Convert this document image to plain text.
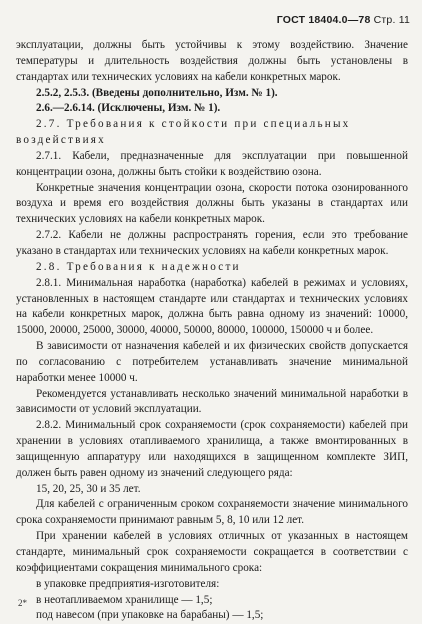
ГОСТ 18404.0—78 Стр. 11

эксплуатации, должны быть устойчивы к этому воздействию. Значение температуры и длительность воздействия должны быть установлены в стандартах или технических условиях на кабели конкретных марок.

2.5.2, 2.5.3. (Введены дополнительно, Изм. № 1).

2.6.—2.6.14. (Исключены, Изм. № 1).

2.7. Требования к стойкости при специальных воздействиях

2.7.1. Кабели, предназначенные для эксплуатации при повышенной концентрации озона, должны быть стойки к воздействию озона.

Конкретные значения концентрации озона, скорости потока озонированного воздуха и время его воздействия должны быть указаны в стандартах или технических условиях на кабели конкретных марок.

2.7.2. Кабели не должны распространять горения, если это требование указано в стандартах или технических условиях на кабели конкретных марок.

2.8. Требования к надежности

2.8.1. Минимальная наработка (наработка) кабелей в режимах и условиях, установленных в настоящем стандарте или стандартах и технических условиях на кабели конкретных марок, должна быть равна одному из значений: 10000, 15000, 20000, 25000, 30000, 40000, 50000, 80000, 100000, 150000 ч и более.

В зависимости от назначения кабелей и их физических свойств допускается по согласованию с потребителем устанавливать значение минимальной наработки менее 10000 ч.

Рекомендуется устанавливать несколько значений минимальной наработки в зависимости от условий эксплуатации.

2.8.2. Минимальный срок сохраняемости (срок сохраняемости) кабелей при хранении в условиях отапливаемого хранилища, а также вмонтированных в защищенную аппаратуру или находящихся в защищенном комплекте ЗИП, должен быть равен одному из значений следующего ряда:

15, 20, 25, 30 и 35 лет.

Для кабелей с ограниченным сроком сохраняемости значение минимального срока сохраняемости принимают равным 5, 8, 10 или 12 лет.

При хранении кабелей в условиях отличных от указанных в настоящем стандарте, минимальный срок сохраняемости сокращается в соответствии с коэффициентами сокращения минимального срока:

в упаковке предприятия-изготовителя:

в неотапливаемом хранилище — 1,5;

под навесом (при упаковке на барабаны) — 1,5;

2*
